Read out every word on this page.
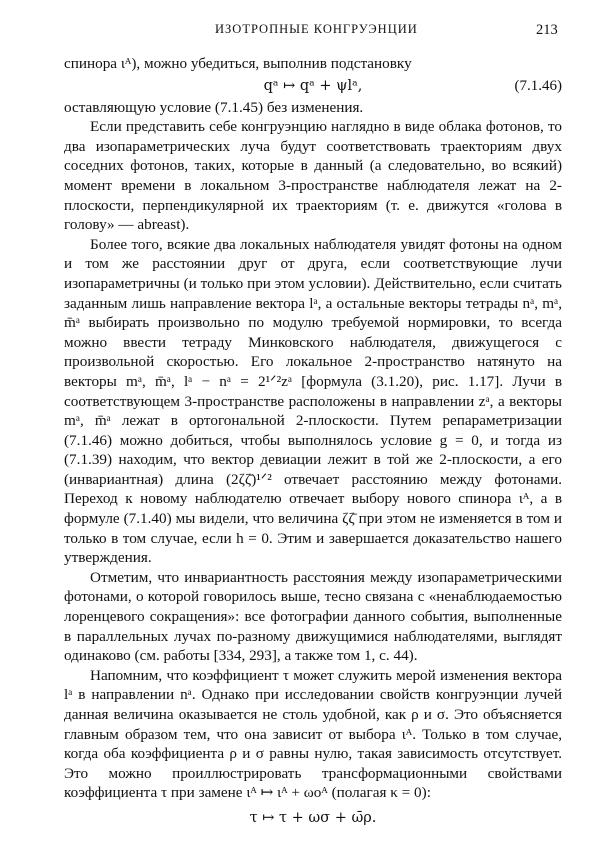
ИЗОТРОПНЫЕ КОНГРУЭНЦИИ	213

спинора ιᴬ), можно убедиться, выполнив подстановку

qᵃ ↦ qᵃ + ψlᵃ,	(7.1.46)

оставляющую условие (7.1.45) без изменения.

Если представить себе конгруэнцию наглядно в виде облака фотонов, то два изопараметрических луча будут соответствовать траекториям двух соседних фотонов, таких, которые в данный (а следовательно, во всякий) момент времени в локальном 3-пространстве наблюдателя лежат на 2-плоскости, перпендикулярной их траекториям (т. е. движутся «голова в голову» — abreast).

Более того, всякие два локальных наблюдателя увидят фотоны на одном и том же расстоянии друг от друга, если соответствующие лучи изопараметричны (и только при этом условии). Действительно, если считать заданным лишь направление вектора lᵃ, а остальные векторы тетрады nᵃ, mᵃ, m̄ᵃ выбирать произвольно по модулю требуемой нормировки, то всегда можно ввести тетраду Минковского наблюдателя, движущегося с произвольной скоростью. Его локальное 2-пространство натянуто на векторы mᵃ, m̄ᵃ, lᵃ − nᵃ = 2¹ᐟ²zᵃ [формула (3.1.20), рис. 1.17]. Лучи в соответствующем 3-пространстве расположены в направлении zᵃ, а векторы mᵃ, m̄ᵃ лежат в ортогональной 2-плоскости. Путем репараметризации (7.1.46) можно добиться, чтобы выполнялось условие g = 0, и тогда из (7.1.39) находим, что вектор девиации лежит в той же 2-плоскости, а его (инвариантная) длина (2ζζ̄)¹ᐟ² отвечает расстоянию между фотонами. Переход к новому наблюдателю отвечает выбору нового спинора ιᴬ, а в формуле (7.1.40) мы видели, что величина ζζ̄ при этом не изменяется в том и только в том случае, если h = 0. Этим и завершается доказательство нашего утверждения.

Отметим, что инвариантность расстояния между изопараметрическими фотонами, о которой говорилось выше, тесно связана с «ненаблюдаемостью лоренцевого сокращения»: все фотографии данного события, выполненные в параллельных лучах по-разному движущимися наблюдателями, выглядят одинаково (см. работы [334, 293], а также том 1, с. 44).

Напомним, что коэффициент τ может служить мерой изменения вектора lᵃ в направлении nᵃ. Однако при исследовании свойств конгруэнции лучей данная величина оказывается не столь удобной, как ρ и σ. Это объясняется главным образом тем, что она зависит от выбора ιᴬ. Только в том случае, когда оба коэффициента ρ и σ равны нулю, такая зависимость отсутствует. Это можно проиллюстрировать трансформационными свойствами коэффициента τ при замене ιᴬ ↦ ιᴬ + ωoᴬ (полагая κ = 0):

τ ↦ τ + ωσ + ω̄ρ.
